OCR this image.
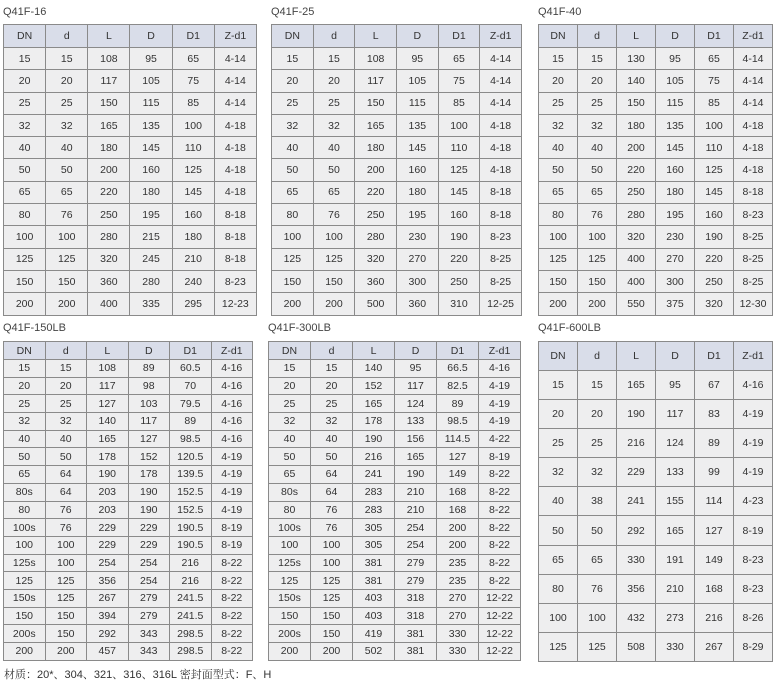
Q41F-16
DN	d	L	D	D1	Z-d1
15	15	108	95	65	4-14
20	20	117	105	75	4-14
25	25	150	115	85	4-14
32	32	165	135	100	4-18
40	40	180	145	110	4-18
50	50	200	160	125	4-18
65	65	220	180	145	4-18
80	76	250	195	160	8-18
100	100	280	215	180	8-18
125	125	320	245	210	8-18
150	150	360	280	240	8-23
200	200	400	335	295	12-23
Q41F-25
DN	d	L	D	D1	Z-d1
15	15	108	95	65	4-14
20	20	117	105	75	4-14
25	25	150	115	85	4-14
32	32	165	135	100	4-18
40	40	180	145	110	4-18
50	50	200	160	125	4-18
65	65	220	180	145	8-18
80	76	250	195	160	8-18
100	100	280	230	190	8-23
125	125	320	270	220	8-25
150	150	360	300	250	8-25
200	200	500	360	310	12-25
Q41F-40
DN	d	L	D	D1	Z-d1
15	15	130	95	65	4-14
20	20	140	105	75	4-14
25	25	150	115	85	4-14
32	32	180	135	100	4-18
40	40	200	145	110	4-18
50	50	220	160	125	4-18
65	65	250	180	145	8-18
80	76	280	195	160	8-23
100	100	320	230	190	8-25
125	125	400	270	220	8-25
150	150	400	300	250	8-25
200	200	550	375	320	12-30
Q41F-150LB
DN	d	L	D	D1	Z-d1
15	15	108	89	60.5	4-16
20	20	117	98	70	4-16
25	25	127	103	79.5	4-16
32	32	140	117	89	4-16
40	40	165	127	98.5	4-16
50	50	178	152	120.5	4-19
65	64	190	178	139.5	4-19
80s	64	203	190	152.5	4-19
80	76	203	190	152.5	4-19
100s	76	229	229	190.5	8-19
100	100	229	229	190.5	8-19
125s	100	254	254	216	8-22
125	125	356	254	216	8-22
150s	125	267	279	241.5	8-22
150	150	394	279	241.5	8-22
200s	150	292	343	298.5	8-22
200	200	457	343	298.5	8-22
Q41F-300LB
DN	d	L	D	D1	Z-d1
15	15	140	95	66.5	4-16
20	20	152	117	82.5	4-19
25	25	165	124	89	4-19
32	32	178	133	98.5	4-19
40	40	190	156	114.5	4-22
50	50	216	165	127	8-19
65	64	241	190	149	8-22
80s	64	283	210	168	8-22
80	76	283	210	168	8-22
100s	76	305	254	200	8-22
100	100	305	254	200	8-22
125s	100	381	279	235	8-22
125	125	381	279	235	8-22
150s	125	403	318	270	12-22
150	150	403	318	270	12-22
200s	150	419	381	330	12-22
200	200	502	381	330	12-22
Q41F-600LB
DN	d	L	D	D1	Z-d1
15	15	165	95	67	4-16
20	20	190	117	83	4-19
25	25	216	124	89	4-19
32	32	229	133	99	4-19
40	38	241	155	114	4-23
50	50	292	165	127	8-19
65	65	330	191	149	8-23
80	76	356	210	168	8-23
100	100	432	273	216	8-26
125	125	508	330	267	8-29
材质：20*、304、321、316、316L 密封面型式：F、H
